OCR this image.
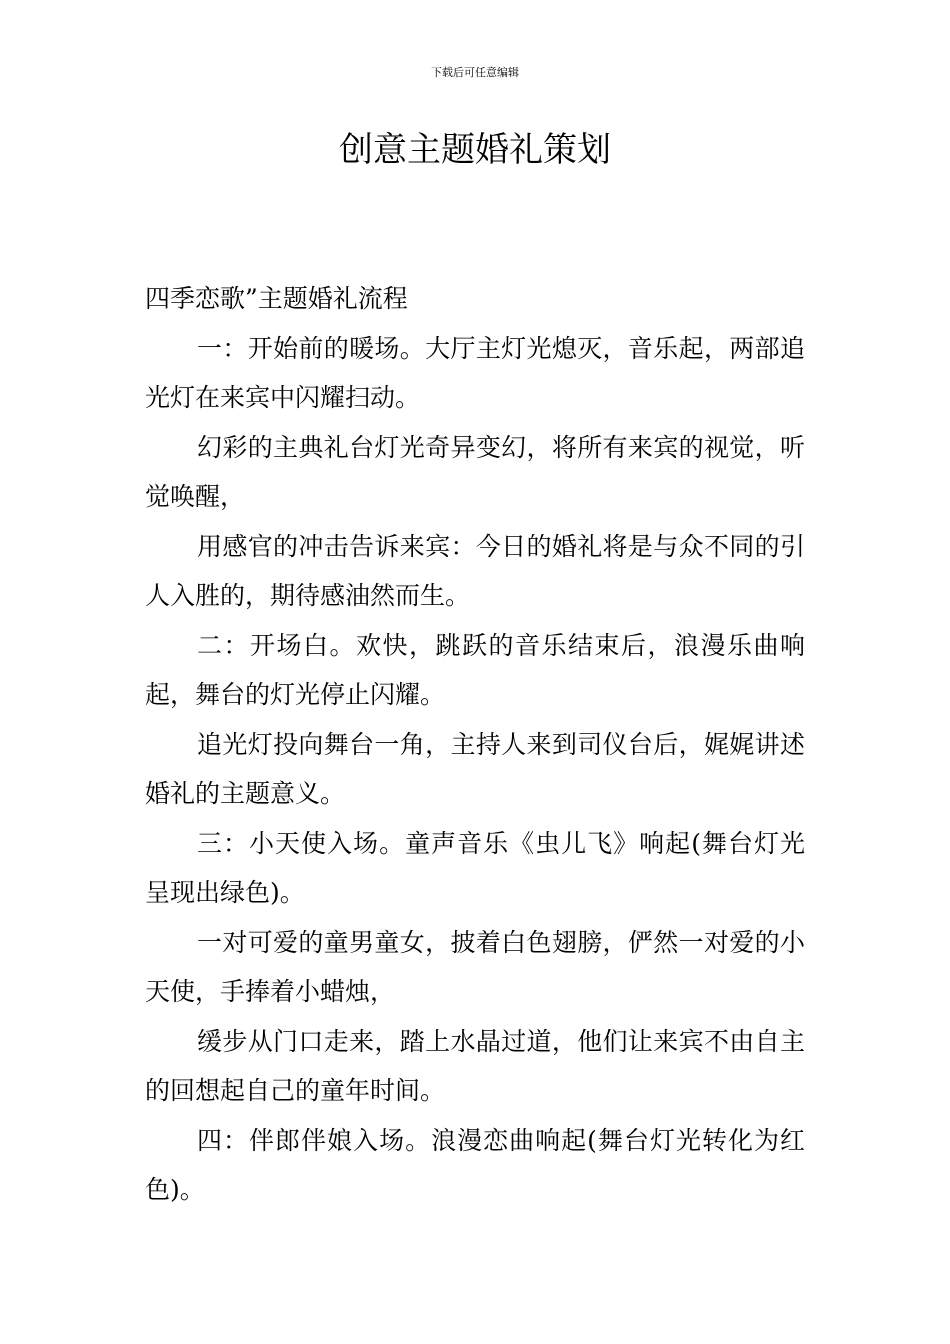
下载后可任意编辑
创意主题婚礼策划

四季恋歌”主题婚礼流程

一：开始前的暖场。大厅主灯光熄灭，音乐起，两部追光灯在来宾中闪耀扫动。

幻彩的主典礼台灯光奇异变幻，将所有来宾的视觉，听觉唤醒，

用感官的冲击告诉来宾：今日的婚礼将是与众不同的引人入胜的，期待感油然而生。

二：开场白。欢快，跳跃的音乐结束后，浪漫乐曲响起，舞台的灯光停止闪耀。

追光灯投向舞台一角，主持人来到司仪台后，娓娓讲述婚礼的主题意义。

三：小天使入场。童声音乐《虫儿飞》响起(舞台灯光呈现出绿色)。

一对可爱的童男童女，披着白色翅膀，俨然一对爱的小天使，手捧着小蜡烛，

缓步从门口走来，踏上水晶过道，他们让来宾不由自主的回想起自己的童年时间。

四：伴郎伴娘入场。浪漫恋曲响起(舞台灯光转化为红色)。
